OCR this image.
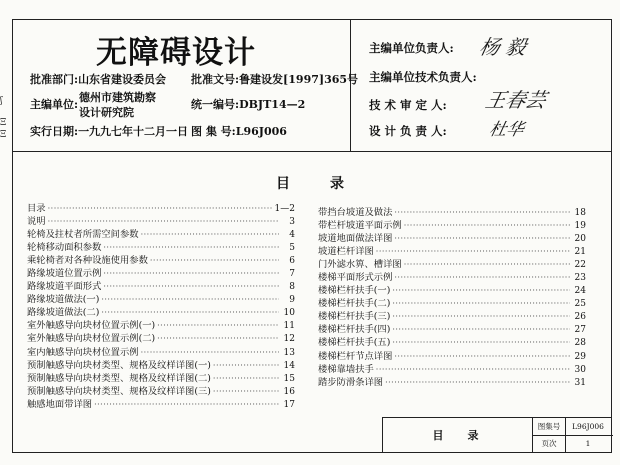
ʃ
Ξ
Ξ
无障碍设计
批准部门:山东省建设委员会 批准文号:鲁建设发[1997]365号
主编单位:
德州市建筑勘察
设计研究院
统一编号:DBJT14—2
实行日期:一九九七年十二月一日 图 集 号:L96J006
主编单位负责人: 杨 毅
主编单位技术负责人:
技 术 审 定 人: 王春芸
设 计 负 责 人: 杜华
目录
目录 ·····	1—2
说明 ·····	3
轮椅及拄杖者所需空间参数 ·····	4
轮椅移动面积参数 ·····	5
乘轮椅者对各种设施使用参数 ·····	6
路缘坡道位置示例 ·····	7
路缘坡道平面形式 ·····	8
路缘坡道做法(一) ·····	9
路缘坡道做法(二) ·····	10
室外触感导向块材位置示例(一) ·····	11
室外触感导向块材位置示例(二) ·····	12
室内触感导向块材位置示例 ·····	13
预制触感导向块材类型、规格及纹样详图(一) ·····	14
预制触感导向块材类型、规格及纹样详图(二) ·····	15
预制触感导向块材类型、规格及纹样详图(三) ·····	16
触感地面带详图 ·····	17
带挡台坡道及做法 ·····	18
带栏杆坡道平面示例 ·····	19
坡道地面做法详图 ·····	20
坡道栏杆详图 ·····	21
门外滤水箅、槽详图 ·····	22
楼梯平面形式示例 ·····	23
楼梯栏杆扶手(一) ·····	24
楼梯栏杆扶手(二) ·····	25
楼梯栏杆扶手(三) ·····	26
楼梯栏杆扶手(四) ·····	27
楼梯栏杆扶手(五) ·····	28
楼梯栏杆节点详图 ·····	29
楼梯靠墙扶手 ·····	30
踏步防滑条详图 ·····	31
目录
图集号	L96J006
页次	1
